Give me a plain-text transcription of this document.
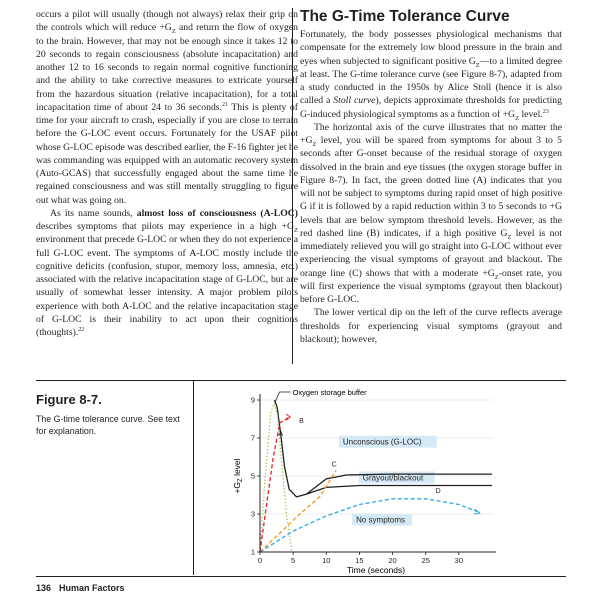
occurs a pilot will usually (though not always) relax their grip on the controls which will reduce $+G_Z$ and return the flow of oxygen to the brain. However, that may not be enough since it takes 12 to 20 seconds to regain consciousness (absolute incapacitation) and another 12 to 16 seconds to regain normal cognitive functioning and the ability to take corrective measures to extricate yourself from the hazardous situation (relative incapacitation), for a total incapacitation time of about 24 to 36 seconds.$^{21}$ This is plenty of time for your aircraft to crash, especially if you are close to terrain before the G-LOC event occurs. Fortunately for the USAF pilot whose G-LOC episode was described earlier, the F-16 fighter jet he was commanding was equipped with an automatic recovery system (Auto-GCAS) that successfully engaged about the same time he regained consciousness and was still mentally struggling to figure out what was going on.

As its name sounds, almost loss of consciousness (A-LOC) describes symptoms that pilots may experience in a high $+G_Z$ environment that precede G-LOC or when they do not experience a full G-LOC event. The symptoms of A-LOC mostly include the cognitive deficits (confusion, stupor, memory loss, amnesia, etc.) associated with the relative incapacitation stage of G-LOC, but are usually of somewhat lesser intensity. A major problem pilots experience with both A-LOC and the relative incapacitation stage of G-LOC is their inability to act upon their cognitions (thoughts).$^{22}$

The G-Time Tolerance Curve

Fortunately, the body possesses physiological mechanisms that compensate for the extremely low blood pressure in the brain and eyes when subjected to significant positive $G_Z—to$ a limited degree at least. The G-time tolerance curve (see Figure 8-7), adapted from a study conducted in the 1950s by Alice Stoll (hence it is also called a Stoll curve), depicts approximate thresholds for predicting G-induced physiological symptoms as a function of $+G_Z$ level.$^{23}$

The horizontal axis of the curve illustrates that no matter the $+G_Z$ level, you will be spared from symptoms for about 3 to 5 seconds after G-onset because of the residual storage of oxygen dissolved in the brain and eye tissues (the oxygen storage buffer in Figure 8-7). In fact, the green dotted line (A) indicates that you will not be subject to symptoms during rapid onset of high positive G if it is followed by a rapid reduction within 3 to 5 seconds to +G levels that are below symptom threshold levels. However, as the red dashed line (B) indicates, if a high positive $G_Z$ level is not immediately relieved you will go straight into G-LOC without ever experiencing the visual symptoms of grayout and blackout. The orange line (C) shows that with a moderate $+G_Z$-onset rate, you will first experience the visual symptoms (grayout then blackout) before G-LOC.

The lower vertical dip on the left of the curve reflects average thresholds for experiencing visual symptoms (grayout and blackout); however,

Figure 8-7.
The G-time tolerance curve. See text for explanation.	A
B
C
D
0	5	10	15	20	25	30
1
3
5
7
9
$+G_Z$ level
Time (seconds)
Oxygen storage buffer
Unconscious (G-LOC)
Grayout/blackout
No symptoms
136 Human Factors
